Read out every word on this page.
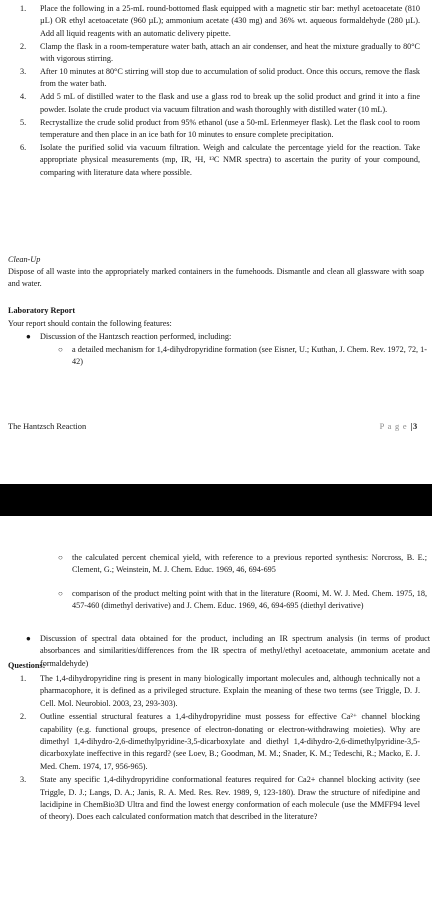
1. Place the following in a 25-mL round-bottomed flask equipped with a magnetic stir bar: methyl acetoacetate (810 µL) OR ethyl acetoacetate (960 µL); ammonium acetate (430 mg) and 36% wt. aqueous formaldehyde (280 µL). Add all liquid reagents with an automatic delivery pipette.
2. Clamp the flask in a room-temperature water bath, attach an air condenser, and heat the mixture gradually to 80°C with vigorous stirring.
3. After 10 minutes at 80°C stirring will stop due to accumulation of solid product. Once this occurs, remove the flask from the water bath.
4. Add 5 mL of distilled water to the flask and use a glass rod to break up the solid product and grind it into a fine powder. Isolate the crude product via vacuum filtration and wash thoroughly with distilled water (10 mL).
5. Recrystallize the crude solid product from 95% ethanol (use a 50-mL Erlenmeyer flask). Let the flask cool to room temperature and then place in an ice bath for 10 minutes to ensure complete precipitation.
6. Isolate the purified solid via vacuum filtration. Weigh and calculate the percentage yield for the reaction. Take appropriate physical measurements (mp, IR, ¹H, ¹³C NMR spectra) to ascertain the purity of your compound, comparing with literature data where possible.
Clean-Up
Dispose of all waste into the appropriately marked containers in the fumehoods. Dismantle and clean all glassware with soap and water.
Laboratory Report
Your report should contain the following features:
● Discussion of the Hantzsch reaction performed, including:
○ a detailed mechanism for 1,4-dihydropyridine formation (see Eisner, U.; Kuthan, J. Chem. Rev. 1972, 72, 1-42)
The Hantzsch Reaction	P a g e |3
○ the calculated percent chemical yield, with reference to a previous reported synthesis: Norcross, B. E.; Clement, G.; Weinstein, M. J. Chem. Educ. 1969, 46, 694-695
○ comparison of the product melting point with that in the literature (Roomi, M. W. J. Med. Chem. 1975, 18, 457-460 (dimethyl derivative) and J. Chem. Educ. 1969, 46, 694-695 (diethyl derivative)
● Discussion of spectral data obtained for the product, including an IR spectrum analysis (in terms of product absorbances and similarities/differences from the IR spectra of methyl/ethyl acetoacetate, ammonium acetate and formaldehyde)
Questions:
1. The 1,4-dihydropyridine ring is present in many biologically important molecules and, although technically not a pharmacophore, it is defined as a privileged structure. Explain the meaning of these two terms (see Triggle, D. J. Cell. Mol. Neurobiol. 2003, 23, 293-303).
2. Outline essential structural features a 1,4-dihydropyridine must possess for effective Ca²⁺ channel blocking capability (e.g. functional groups, presence of electron-donating or electron-withdrawing moieties). Why are dimethyl 1,4-dihydro-2,6-dimethylpyridine-3,5-dicarboxylate and diethyl 1,4-dihydro-2,6-dimethylpyridine-3,5-dicarboxylate ineffective in this regard? (see Loev, B.; Goodman, M. M.; Snader, K. M.; Tedeschi, R.; Macko, E. J. Med. Chem. 1974, 17, 956-965).
3. State any specific 1,4-dihydropyridine conformational features required for Ca2+ channel blocking activity (see Triggle, D. J.; Langs, D. A.; Janis, R. A. Med. Res. Rev. 1989, 9, 123-180). Draw the structure of nifedipine and lacidipine in ChemBio3D Ultra and find the lowest energy conformation of each molecule (use the MMFF94 level of theory). Does each calculated conformation match that described in the literature?
